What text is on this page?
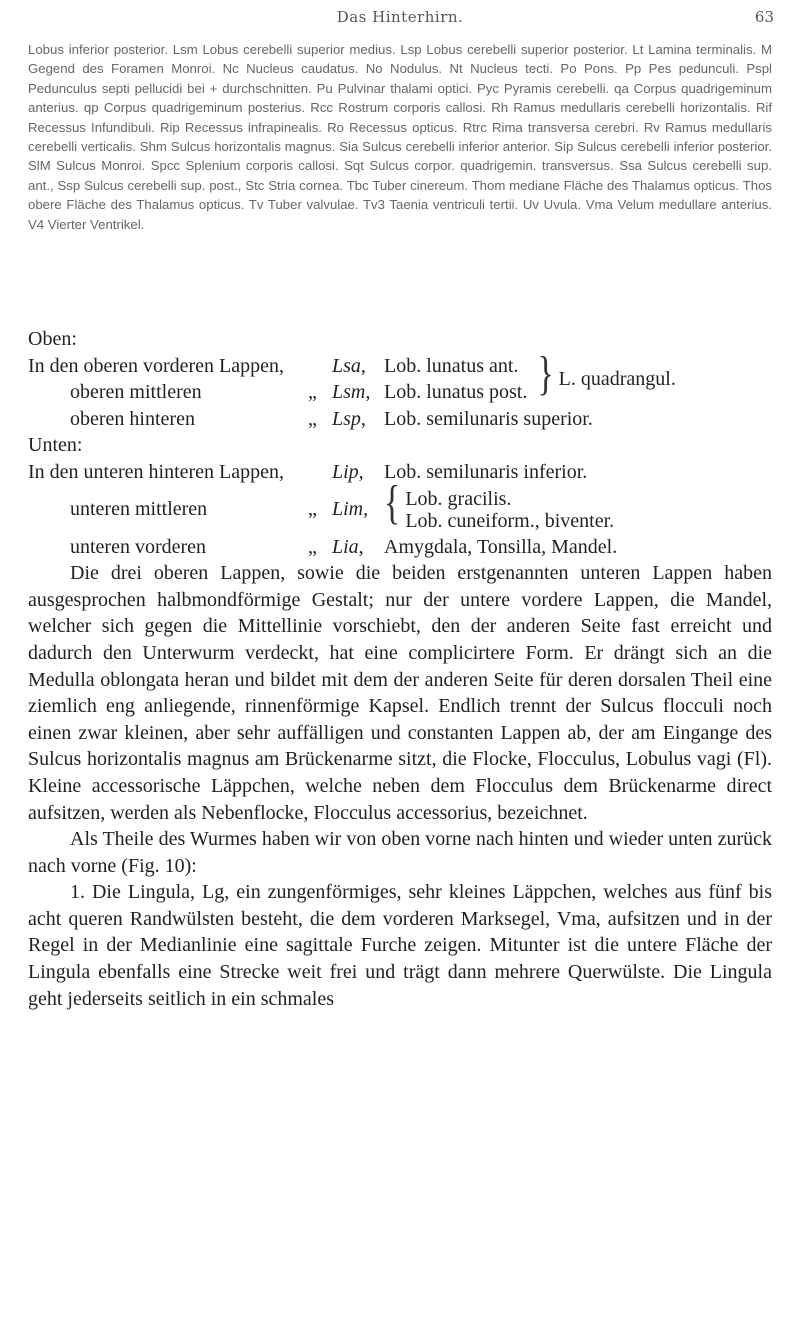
Das Hinterhirn.	63
Lobus inferior posterior. Lsm Lobus cerebelli superior medius. Lsp Lobus cerebelli superior posterior. Lt Lamina terminalis. M Gegend des Foramen Monroi. Nc Nucleus caudatus. No Nodulus. Nt Nucleus tecti. Po Pons. Pp Pes pedunculi. Pspl Pedunculus septi pellucidi bei + durchschnitten. Pu Pulvinar thalami optici. Pyc Pyramis cerebelli. qa Corpus quadrigeminum anterius. qp Corpus quadrigeminum posterius. Rcc Rostrum corporis callosi. Rh Ramus medullaris cerebelli horizontalis. Rif Recessus Infundibuli. Rip Recessus infrapinealis. Ro Recessus opticus. Rtrc Rima transversa cerebri. Rv Ramus medullaris cerebelli verticalis. Shm Sulcus horizontalis magnus. Sia Sulcus cerebelli inferior anterior. Sip Sulcus cerebelli inferior posterior. SlM Sulcus Monroi. Spcc Splenium corporis callosi. Sqt Sulcus corpor. quadrigemin. transversus. Ssa Sulcus cerebelli sup. ant., Ssp Sulcus cerebelli sup. post., Stc Stria cornea. Tbc Tuber cinereum. Thom mediane Fläche des Thalamus opticus. Thos obere Fläche des Thalamus opticus. Tv Tuber valvulae. Tv3 Taenia ventriculi tertii. Uv Uvula. Vma Velum medullare anterius. V4 Vierter Ventrikel.

Oben:

In den oberen vorderen Lappen,		Lsa,	Lob. lunatus ant.	} L. quadrangul.
oberen mittleren	„	Lsm,	Lob. lunatus post.	
oberen hinteren	„	Lsp,	Lob. semilunaris superior.	

Unten:

In den unteren hinteren Lappen,		Lip,	Lob. semilunaris inferior.
unteren mittleren	„	Lim,	{ Lob. gracilis.
Lob. cuneiform., biventer.

unteren vorderen	„	Lia,	Amygdala, Tonsilla, Mandel.

Die drei oberen Lappen, sowie die beiden erstgenannten unteren Lappen haben ausgesprochen halbmondförmige Gestalt; nur der untere vordere Lappen, die Mandel, welcher sich gegen die Mittellinie vorschiebt, den der anderen Seite fast erreicht und dadurch den Unterwurm verdeckt, hat eine complicirtere Form. Er drängt sich an die Medulla oblongata heran und bildet mit dem der anderen Seite für deren dorsalen Theil eine ziemlich eng anliegende, rinnenförmige Kapsel. Endlich trennt der Sulcus flocculi noch einen zwar kleinen, aber sehr auffälligen und constanten Lappen ab, der am Eingange des Sulcus horizontalis magnus am Brückenarme sitzt, die Flocke, Flocculus, Lobulus vagi (Fl). Kleine accessorische Läppchen, welche neben dem Flocculus dem Brückenarme direct aufsitzen, werden als Nebenflocke, Flocculus accessorius, bezeichnet.

Als Theile des Wurmes haben wir von oben vorne nach hinten und wieder unten zurück nach vorne (Fig. 10):

1. Die Lingula, Lg, ein zungenförmiges, sehr kleines Läppchen, welches aus fünf bis acht queren Randwülsten besteht, die dem vorderen Marksegel, Vma, aufsitzen und in der Regel in der Medianlinie eine sagittale Furche zeigen. Mitunter ist die untere Fläche der Lingula ebenfalls eine Strecke weit frei und trägt dann mehrere Querwülste. Die Lingula geht jederseits seitlich in ein schmales
